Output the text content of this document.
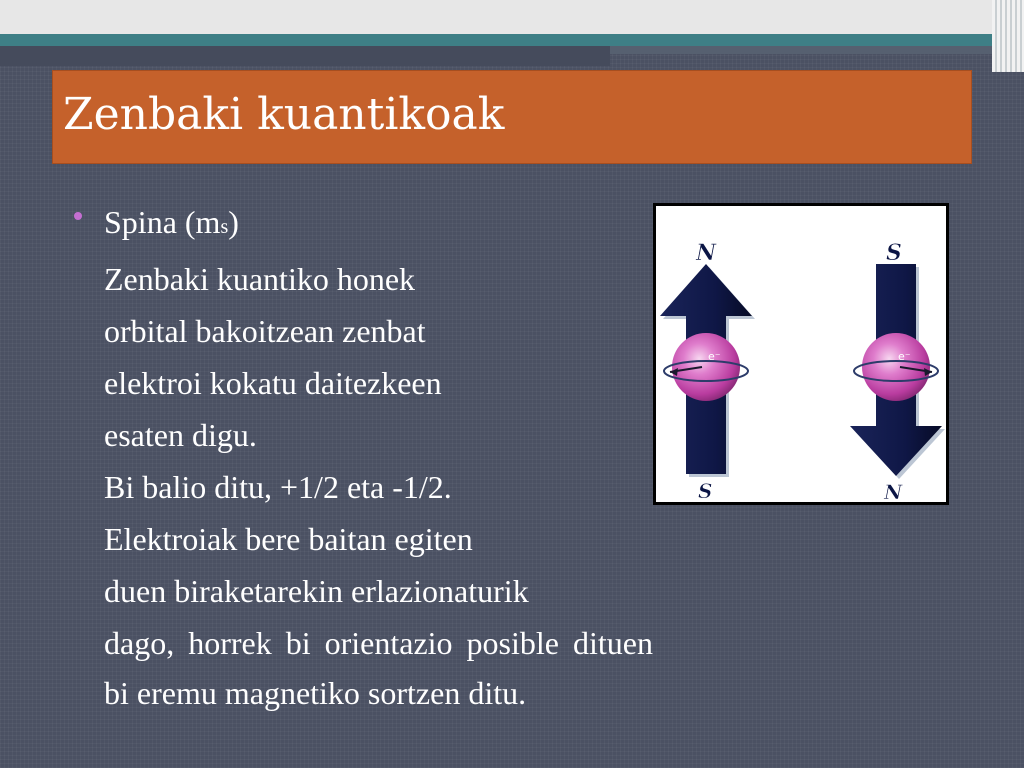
Zenbaki kuantikoak
Spina (ms)
Zenbaki kuantiko honek
orbital bakoitzean zenbat
elektroi kokatu daitezkeen
esaten digu.
Bi balio ditu, +1/2 eta -1/2.
Elektroiak bere baitan egiten
duen biraketarekin erlazionaturik
dago, horrek bi orientazio posible dituen
bi eremu magnetiko sortzen ditu.
e⁻	e⁻
N
S
S
N
